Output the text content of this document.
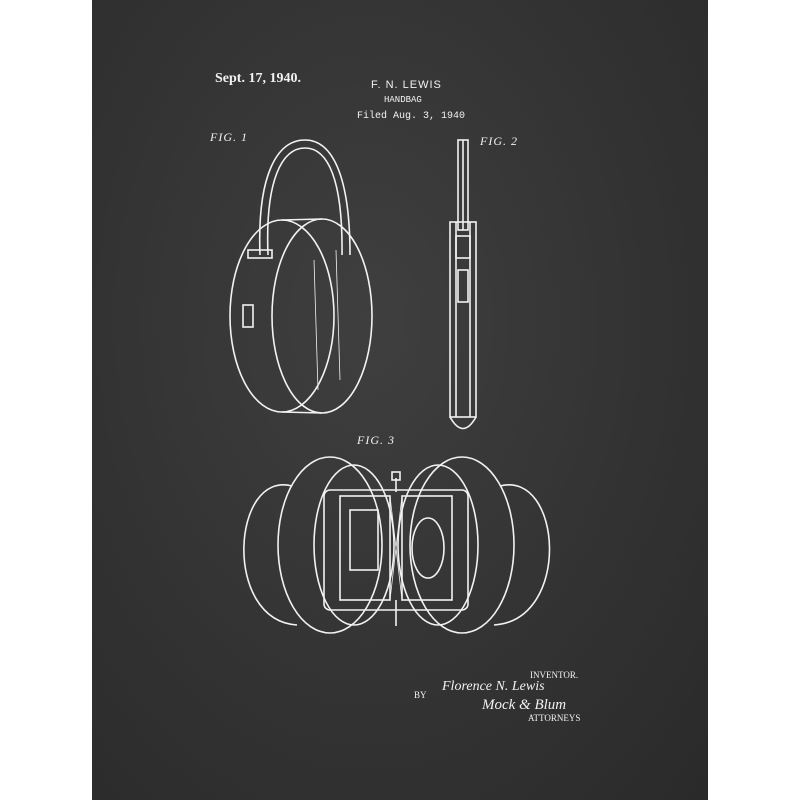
Sept. 17, 1940.	F. N. LEWIS
HANDBAG
Filed Aug. 3, 1940
FIG. 1	FIG. 2
FIG. 3
INVENTOR.
Florence N. Lewis
BY
Mock & Blum
ATTORNEYS
